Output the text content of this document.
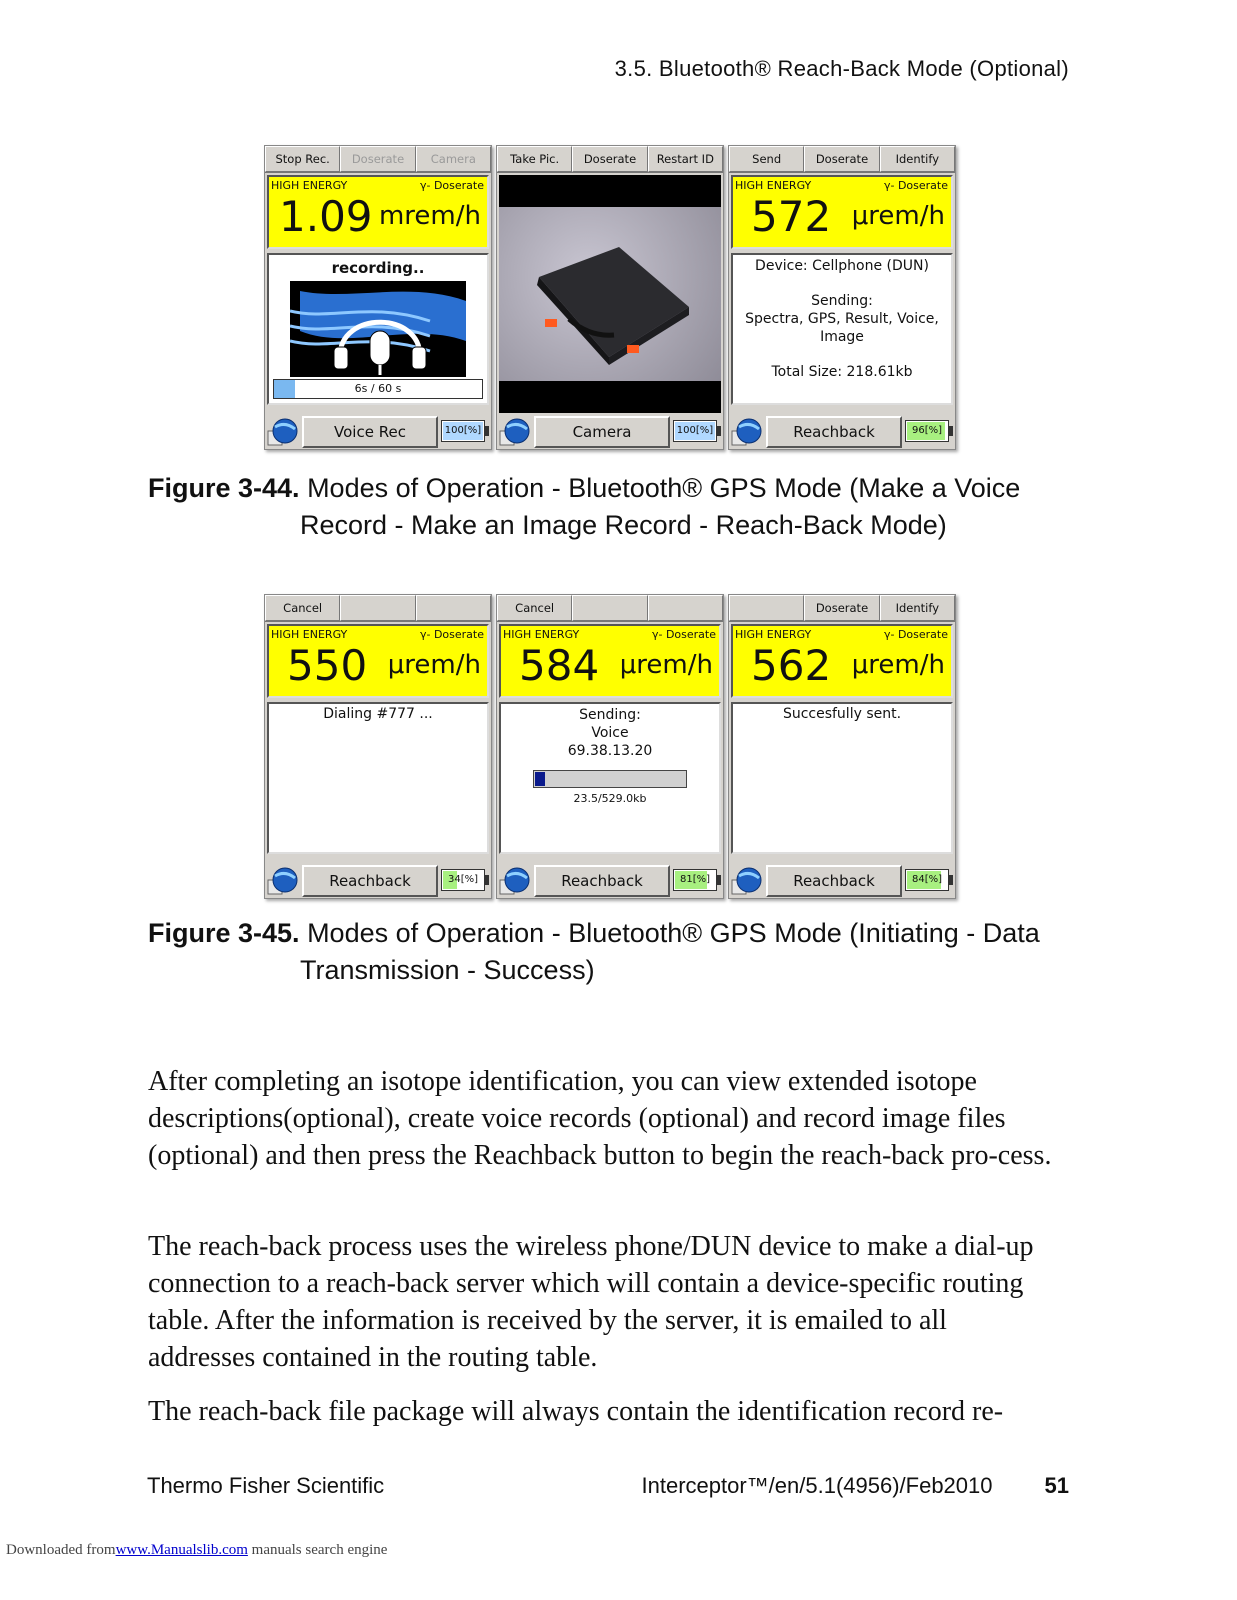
3.5. Bluetooth® Reach-Back Mode (Optional)
Stop Rec.	Doserate	Camera
HIGH ENERGY	γ- Doserate
1.09 mrem/h
recording..
6s / 60 s
Voice Rec	100[%]
Take Pic.	Doserate	Restart ID
Camera	100[%]
Send	Doserate	Identify
HIGH ENERGY	γ- Doserate
572 μrem/h
Device: Cellphone (DUN)
Sending:
Spectra, GPS, Result, Voice,
Image
Total Size: 218.61kb
Reachback	96[%]
Figure 3-44. Modes of Operation - Bluetooth® GPS Mode (Make a Voice
Record - Make an Image Record - Reach-Back Mode)
Cancel
HIGH ENERGY	γ- Doserate
550 μrem/h
Dialing #777 ...
Reachback	34[%]
Cancel
HIGH ENERGY	γ- Doserate
584 μrem/h
Sending:
Voice
69.38.13.20
23.5/529.0kb
Reachback	81[%]
Doserate	Identify
HIGH ENERGY	γ- Doserate
562 μrem/h
Succesfully sent.
Reachback	84[%]
Figure 3-45. Modes of Operation - Bluetooth® GPS Mode (Initiating - Data
Transmission - Success)
After completing an isotope identification, you can view extended isotope descriptions(optional), create voice records (optional) and record image files (optional) and then press the Reachback button to begin the reach-back pro-cess.
The reach-back process uses the wireless phone/DUN device to make a dial-up connection to a reach-back server which will contain a device-specific routing table. After the information is received by the server, it is emailed to all addresses contained in the routing table.
The reach-back file package will always contain the identification record re-
Thermo Fisher Scientific	Interceptor™/en/5.1(4956)/Feb2010 51
Downloaded fromwww.Manualslib.com manuals search engine
